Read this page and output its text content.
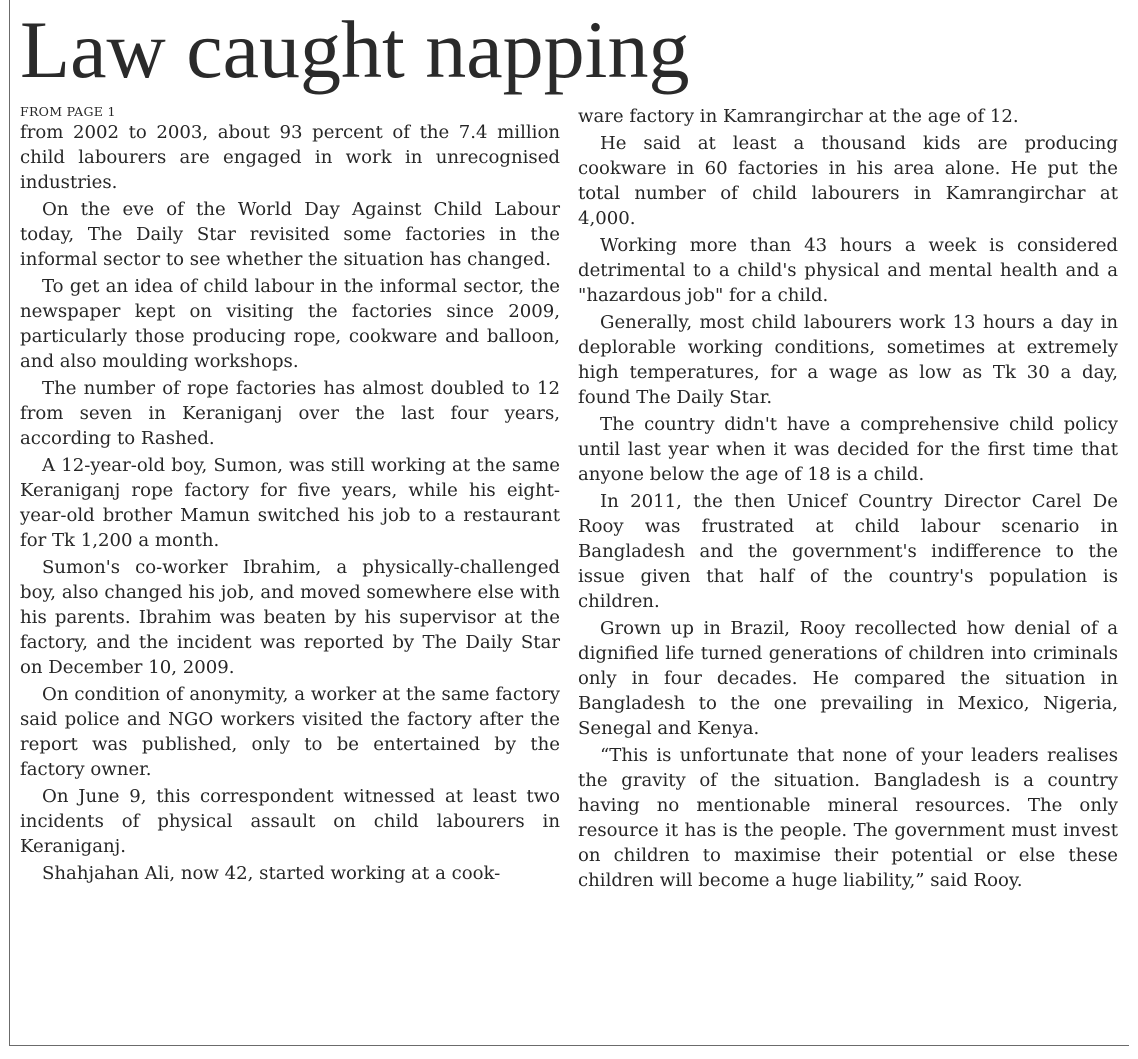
Law caught napping
FROM PAGE 1

from 2002 to 2003, about 93 percent of the 7.4 million child labourers are engaged in work in unrecognised industries.

On the eve of the World Day Against Child Labour today, The Daily Star revisited some factories in the informal sector to see whether the situation has changed.

To get an idea of child labour in the informal sector, the newspaper kept on visiting the factories since 2009, particularly those producing rope, cookware and balloon, and also moulding workshops.

The number of rope factories has almost doubled to 12 from seven in Keraniganj over the last four years, according to Rashed.

A 12-year-old boy, Sumon, was still working at the same Keraniganj rope factory for five years, while his eight-year-old brother Mamun switched his job to a restaurant for Tk 1,200 a month.

Sumon's co-worker Ibrahim, a physically-challenged boy, also changed his job, and moved somewhere else with his parents. Ibrahim was beaten by his supervisor at the factory, and the incident was reported by The Daily Star on December 10, 2009.

On condition of anonymity, a worker at the same factory said police and NGO workers visited the factory after the report was published, only to be entertained by the factory owner.

On June 9, this correspondent witnessed at least two incidents of physical assault on child labourers in Keraniganj.

Shahjahan Ali, now 42, started working at a cook-

ware factory in Kamrangirchar at the age of 12.

He said at least a thousand kids are producing cookware in 60 factories in his area alone. He put the total number of child labourers in Kamrangirchar at 4,000.

Working more than 43 hours a week is considered detrimental to a child's physical and mental health and a "hazardous job" for a child.

Generally, most child labourers work 13 hours a day in deplorable working conditions, sometimes at extremely high temperatures, for a wage as low as Tk 30 a day, found The Daily Star.

The country didn't have a comprehensive child policy until last year when it was decided for the first time that anyone below the age of 18 is a child.

In 2011, the then Unicef Country Director Carel De Rooy was frustrated at child labour scenario in Bangladesh and the government's indifference to the issue given that half of the country's population is children.

Grown up in Brazil, Rooy recollected how denial of a dignified life turned generations of children into criminals only in four decades. He compared the situation in Bangladesh to the one prevailing in Mexico, Nigeria, Senegal and Kenya.

“This is unfortunate that none of your leaders realises the gravity of the situation. Bangladesh is a country having no mentionable mineral resources. The only resource it has is the people. The government must invest on children to maximise their potential or else these children will become a huge liability,” said Rooy.
